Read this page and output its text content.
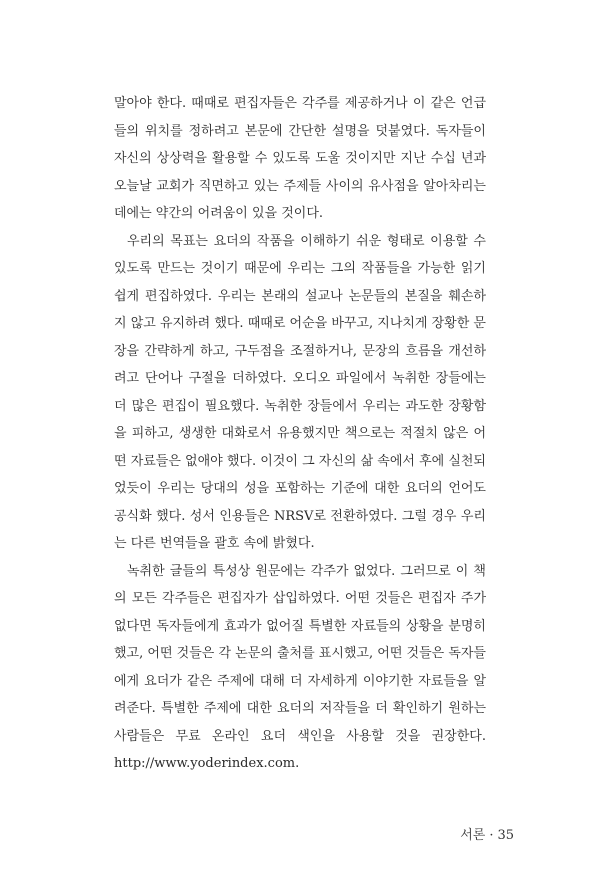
말아야 한다. 때때로 편집자들은 각주를 제공하거나 이 같은 언급들의 위치를 정하려고 본문에 간단한 설명을 덧붙였다. 독자들이 자신의 상상력을 활용할 수 있도록 도울 것이지만 지난 수십 년과 오늘날 교회가 직면하고 있는 주제들 사이의 유사점을 알아차리는 데에는 약간의 어려움이 있을 것이다.

우리의 목표는 요더의 작품을 이해하기 쉬운 형태로 이용할 수 있도록 만드는 것이기 때문에 우리는 그의 작품들을 가능한 읽기 쉽게 편집하였다. 우리는 본래의 설교나 논문들의 본질을 훼손하지 않고 유지하려 했다. 때때로 어순을 바꾸고, 지나치게 장황한 문장을 간략하게 하고, 구두점을 조절하거나, 문장의 흐름을 개선하려고 단어나 구절을 더하였다. 오디오 파일에서 녹취한 장들에는 더 많은 편집이 필요했다. 녹취한 장들에서 우리는 과도한 장황함을 피하고, 생생한 대화로서 유용했지만 책으로는 적절치 않은 어떤 자료들은 없애야 했다. 이것이 그 자신의 삶 속에서 후에 실천되었듯이 우리는 당대의 성을 포함하는 기준에 대한 요더의 언어도 공식화 했다. 성서 인용들은 NRSV로 전환하였다. 그럴 경우 우리는 다른 번역들을 괄호 속에 밝혔다.

녹취한 글들의 특성상 원문에는 각주가 없었다. 그러므로 이 책의 모든 각주들은 편집자가 삽입하였다. 어떤 것들은 편집자 주가 없다면 독자들에게 효과가 없어질 특별한 자료들의 상황을 분명히 했고, 어떤 것들은 각 논문의 출처를 표시했고, 어떤 것들은 독자들에게 요더가 같은 주제에 대해 더 자세하게 이야기한 자료들을 알려준다. 특별한 주제에 대한 요더의 저작들을 더 확인하기 원하는 사람들은 무료 온라인 요더 색인을 사용할 것을 권장한다. http://www.yoderindex.com.

서론 · 35
